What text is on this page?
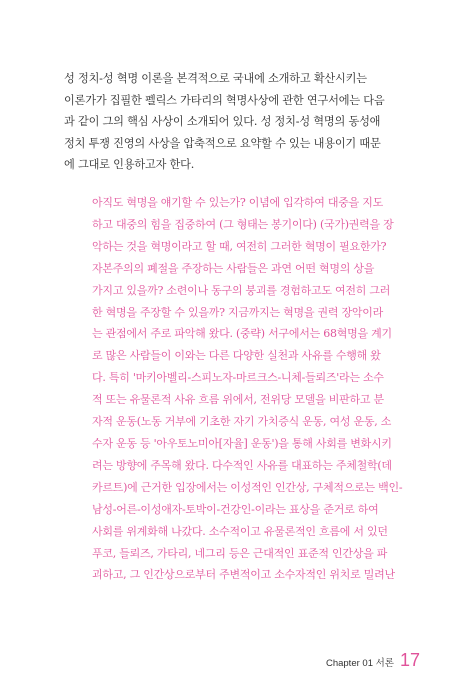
성 정치-성 혁명 이론을 본격적으로 국내에 소개하고 확산시키는
이론가가 집필한 펠릭스 가타리의 혁명사상에 관한 연구서에는 다음
과 같이 그의 핵심 사상이 소개되어 있다. 성 정치-성 혁명의 동성애
정치 투쟁 진영의 사상을 압축적으로 요약할 수 있는 내용이기 때문
에 그대로 인용하고자 한다.
아직도 혁명을 얘기할 수 있는가? 이념에 입각하여 대중을 지도
하고 대중의 힘을 집중하여 (그 형태는 봉기이다) (국가)권력을 장
악하는 것을 혁명이라고 할 때, 여전히 그러한 혁명이 필요한가?
자본주의의 폐절을 주장하는 사람들은 과연 어떤 혁명의 상을
가지고 있을까? 소련이나 동구의 붕괴를 경험하고도 여전히 그러
한 혁명을 주장할 수 있을까? 지금까지는 혁명을 권력 장악이라
는 관점에서 주로 파악해 왔다. (중략) 서구에서는 68혁명을 계기
로 많은 사람들이 이와는 다른 다양한 실천과 사유를 수행해 왔
다. 특히 '마키아벨리-스피노자-마르크스-니체-들뢰즈'라는 소수
적 또는 유물론적 사유 흐름 위에서, 전위당 모델을 비판하고 분
자적 운동(노동 거부에 기초한 자기 가치증식 운동, 여성 운동, 소
수자 운동 등 '아우토노미아[자율] 운동')을 통해 사회를 변화시키
려는 방향에 주목해 왔다. 다수적인 사유를 대표하는 주체철학(데
카르트)에 근거한 입장에서는 이성적인 인간상, 구체적으로는 백인-
남성-어른-이성애자-토박이-건강인-이라는 표상을 준거로 하여
사회를 위계화해 나갔다. 소수적이고 유물론적인 흐름에 서 있던
푸코, 들뢰즈, 가타리, 네그리 등은 근대적인 표준적 인간상을 파
괴하고, 그 인간상으로부터 주변적이고 소수자적인 위치로 밀려난
Chapter 01 서론 17
